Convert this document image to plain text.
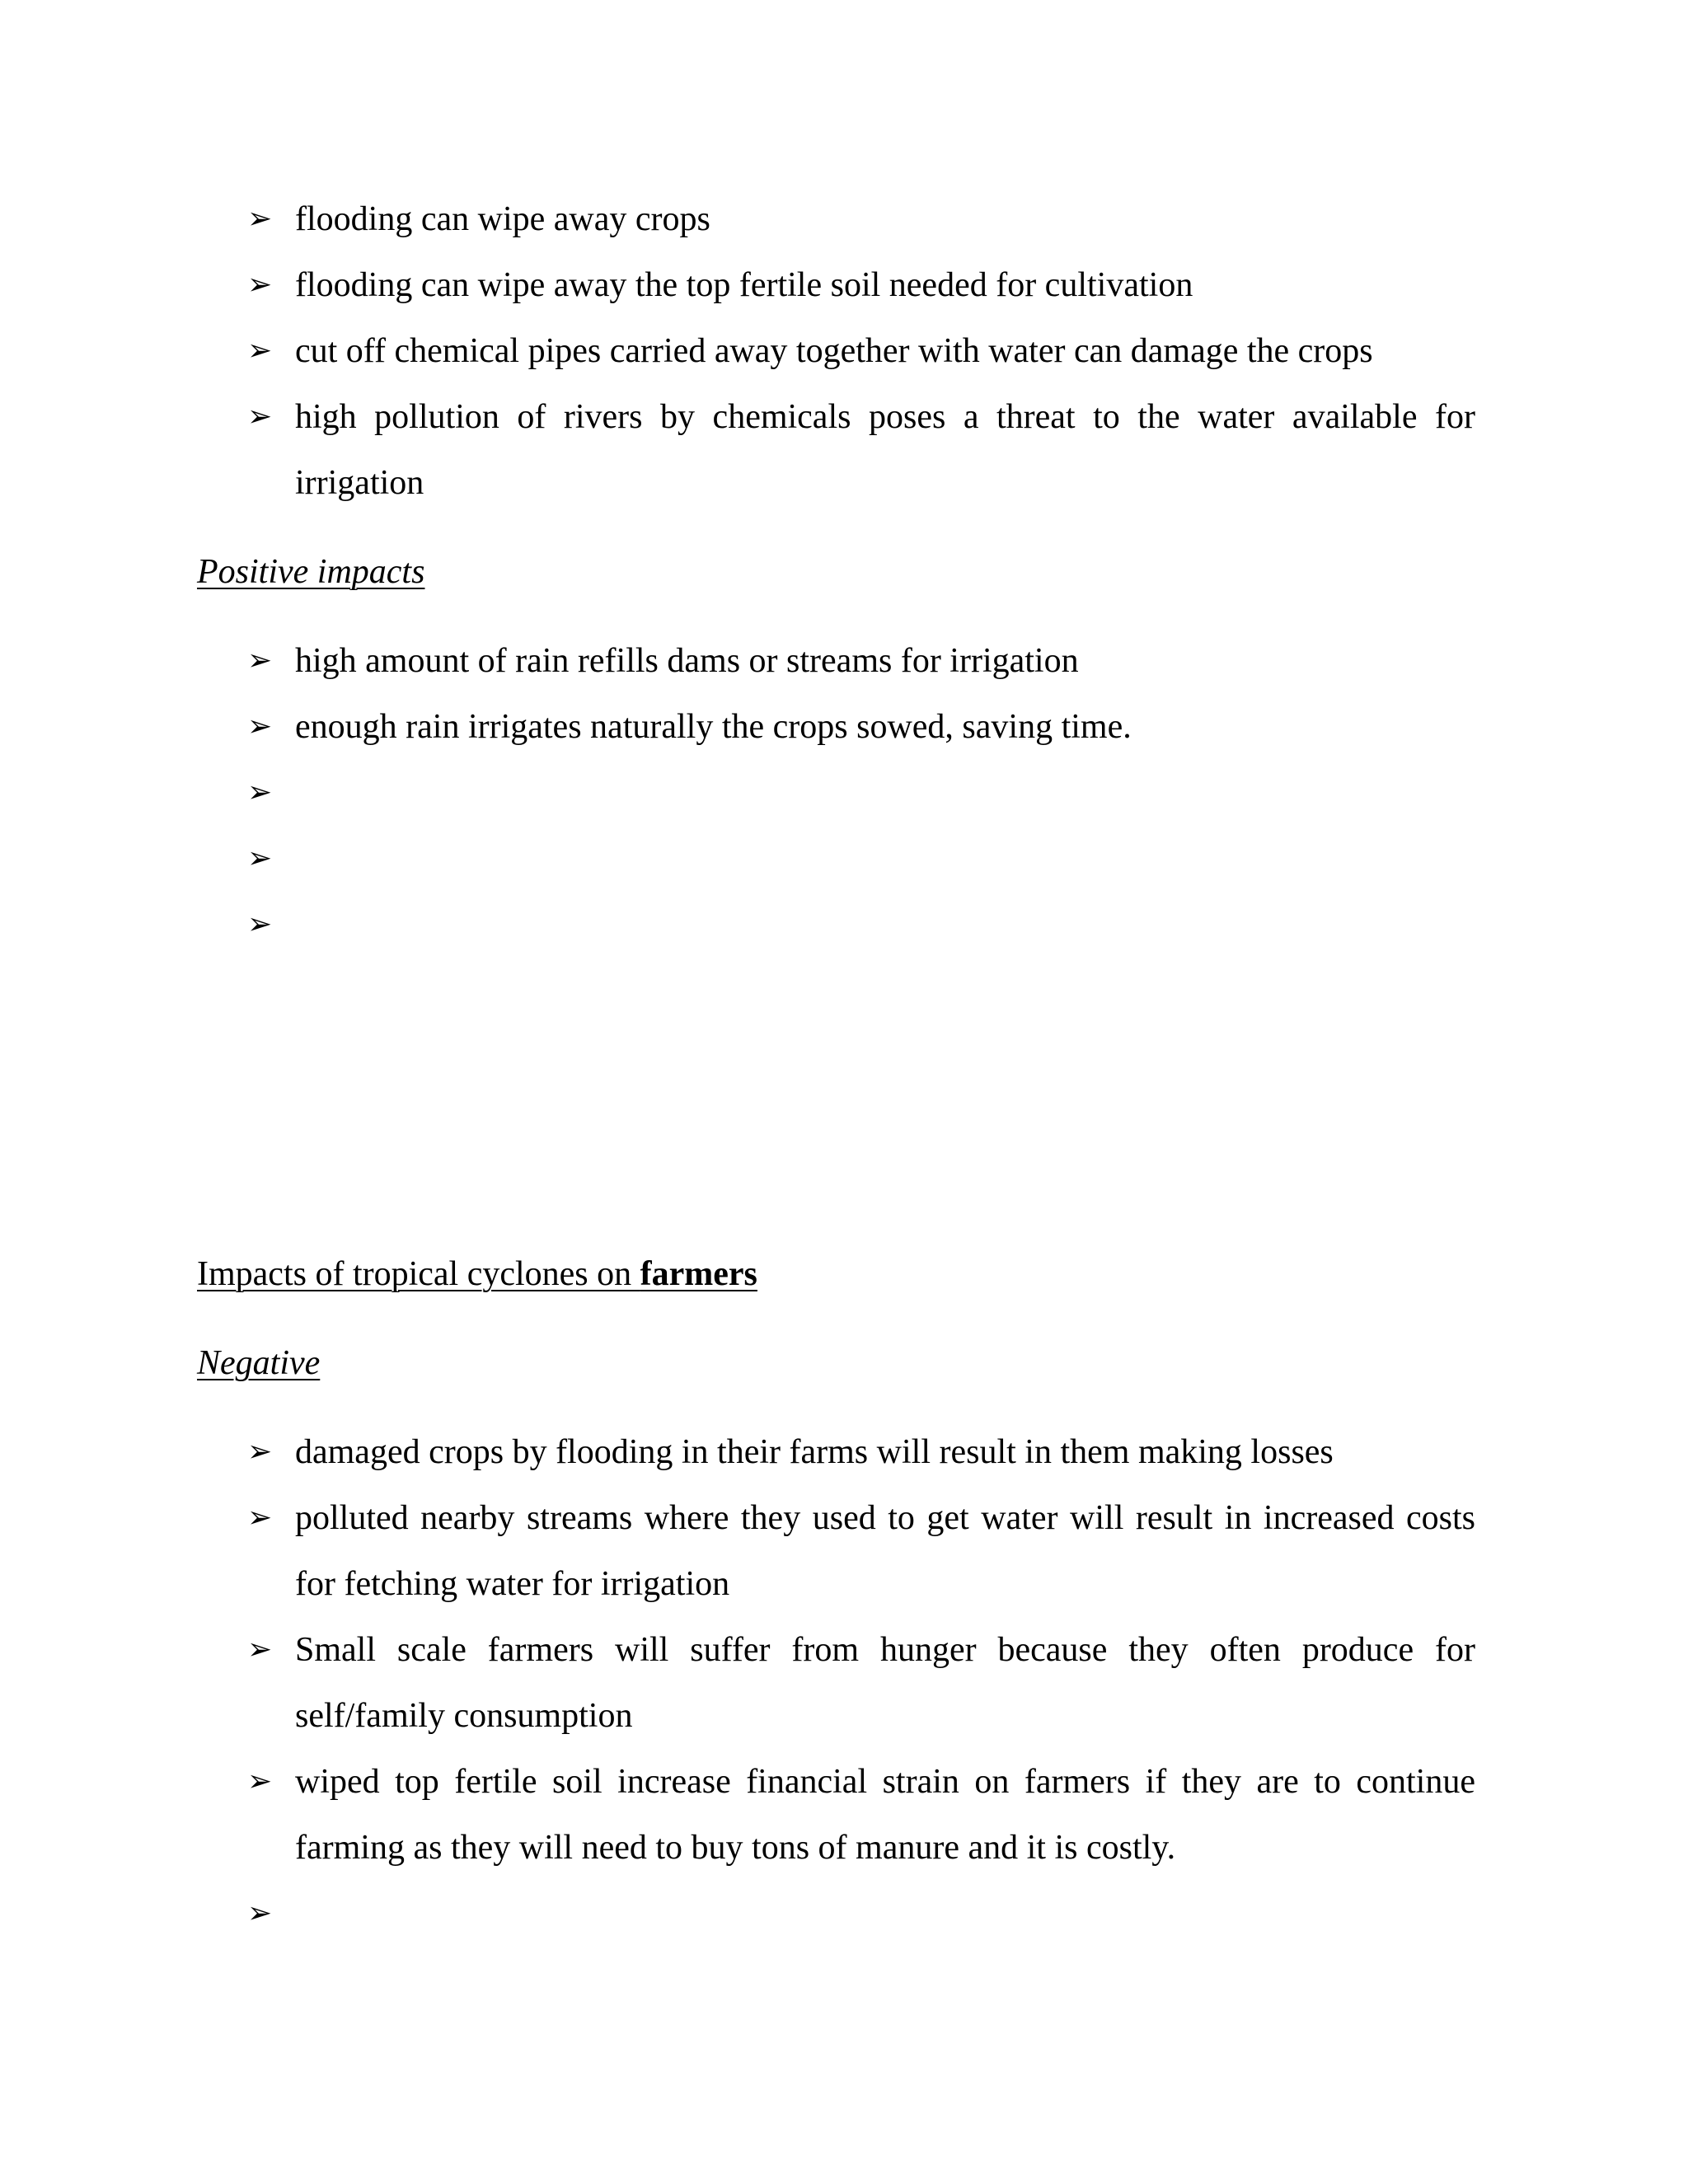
➢ flooding can wipe away crops
➢ flooding can wipe away the top fertile soil needed for cultivation
➢ cut off chemical pipes carried away together with water can damage the crops
➢ high pollution of rivers by chemicals poses a threat to the water available for irrigation
Positive impacts
➢ high amount of rain refills dams or streams for irrigation
➢ enough rain irrigates naturally the crops sowed, saving time.
➢

➢

➢

Impacts of tropical cyclones on farmers
Negative
➢ damaged crops by flooding in their farms will result in them making losses
➢ polluted nearby streams where they used to get water will result in increased costs for fetching water for irrigation
➢ Small scale farmers will suffer from hunger because they often produce for self/family consumption
➢ wiped top fertile soil increase financial strain on farmers if they are to continue farming as they will need to buy tons of manure and it is costly.
➢
